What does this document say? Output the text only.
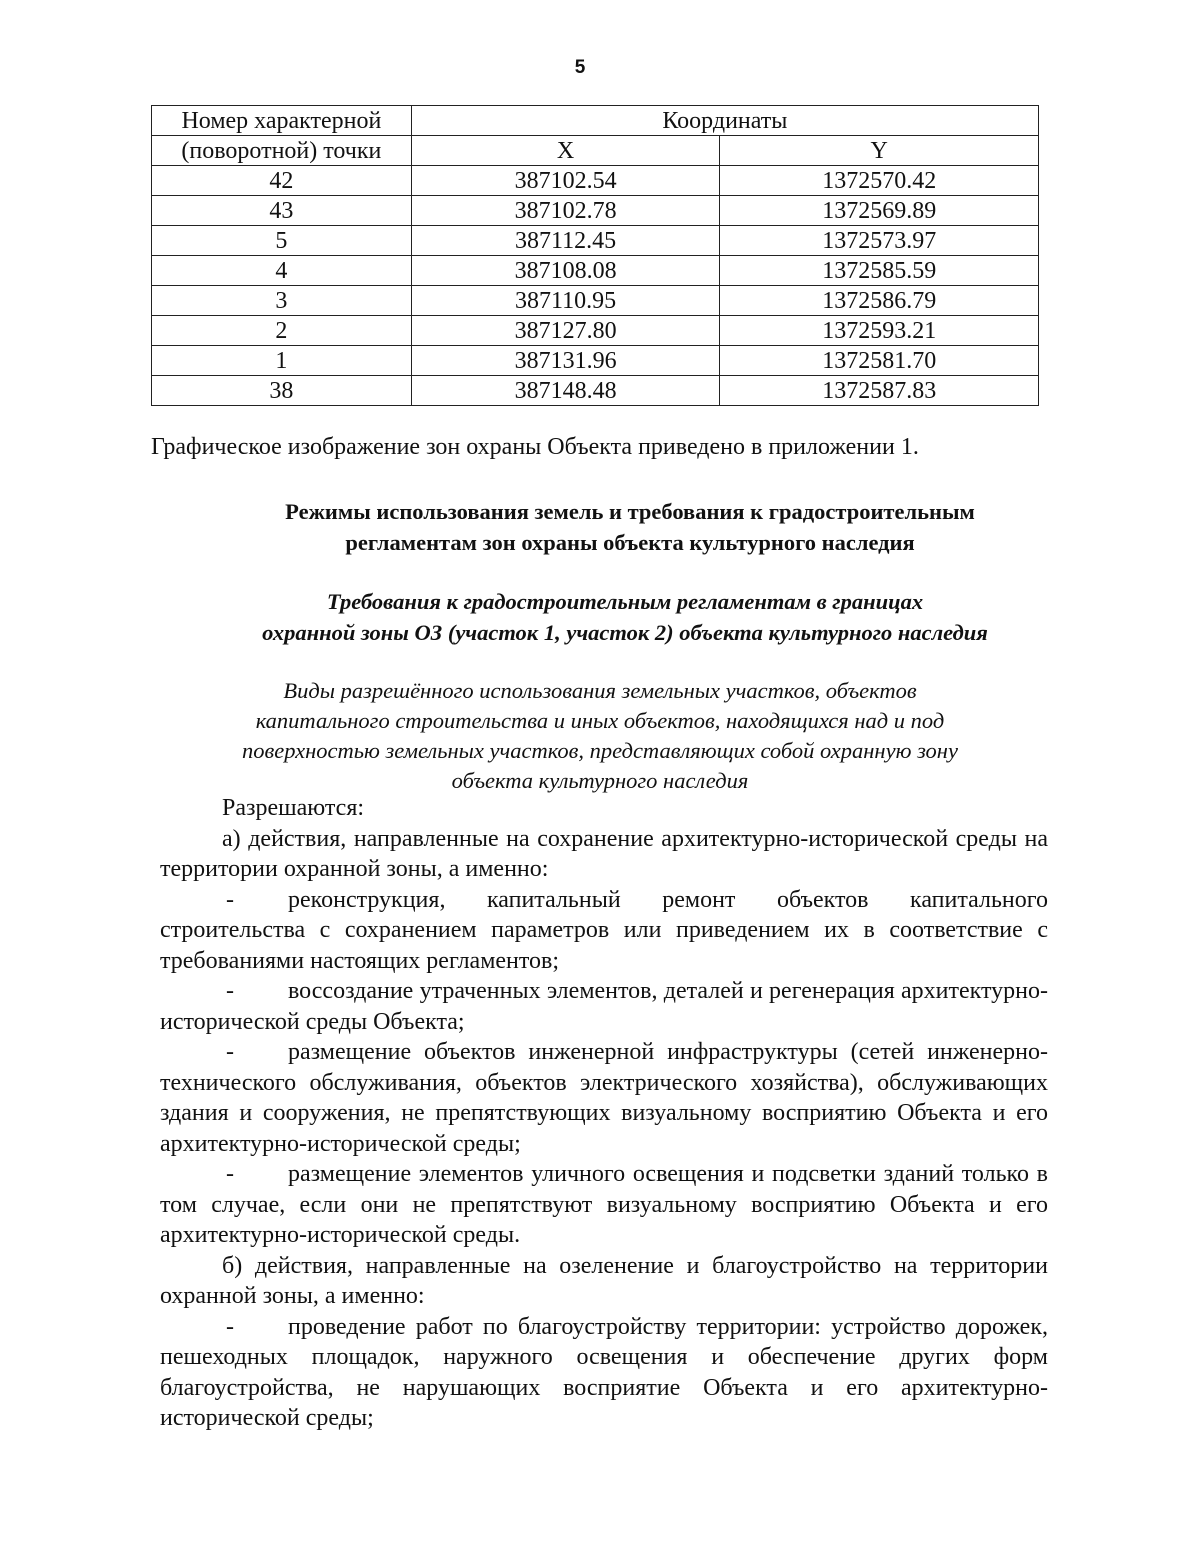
5
Номер характерной	Координаты	
(поворотной) точки	X	Y
42	387102.54	1372570.42
43	387102.78	1372569.89
5	387112.45	1372573.97
4	387108.08	1372585.59
3	387110.95	1372586.79
2	387127.80	1372593.21
1	387131.96	1372581.70
38	387148.48	1372587.83
Графическое изображение зон охраны Объекта приведено в приложении 1.
Режимы использования земель и требования к градостроительным
регламентам зон охраны объекта культурного наследия
Требования к градостроительным регламентам в границах
охранной зоны ОЗ (участок 1, участок 2) объекта культурного наследия
Виды разрешённого использования земельных участков, объектов
капитального строительства и иных объектов, находящихся над и под
поверхностью земельных участков, представляющих собой охранную зону
объекта культурного наследия

Разрешаются:

а) действия, направленные на сохранение архитектурно-исторической среды на территории охранной зоны, а именно:

- реконструкция, капитальный ремонт объектов капитального строительства с сохранением параметров или приведением их в соответствие с требованиями настоящих регламентов;

- воссоздание утраченных элементов, деталей и регенерация архитектурно-исторической среды Объекта;

- размещение объектов инженерной инфраструктуры (сетей инженерно- технического обслуживания, объектов электрического хозяйства), обслуживающих здания и сооружения, не препятствующих визуальному восприятию Объекта и его архитектурно-исторической среды;

- размещение элементов уличного освещения и подсветки зданий только в том случае, если они не препятствуют визуальному восприятию Объекта и его архитектурно-исторической среды.

б) действия, направленные на озеленение и благоустройство на территории охранной зоны, а именно:

- проведение работ по благоустройству территории: устройство дорожек, пешеходных площадок, наружного освещения и обеспечение других форм благоустройства, не нарушающих восприятие Объекта и его архитектурно-исторической среды;
